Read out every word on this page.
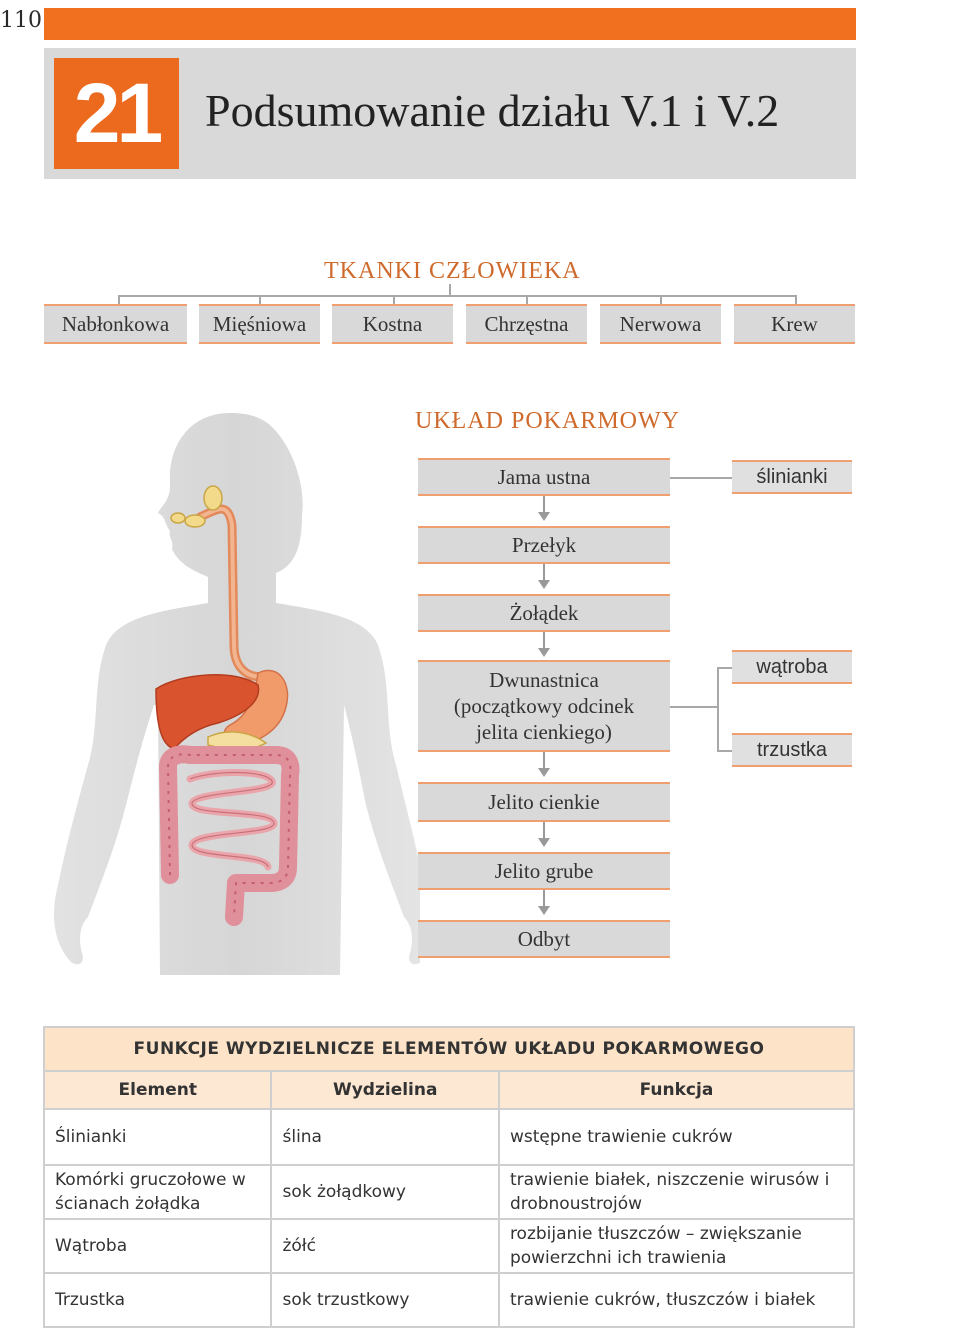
110
21 Podsumowanie działu V.1 i V.2
TKANKI CZŁOWIEKA
Nabłonkowa	Mięśniowa	Kostna	Chrzęstna	Nerwowa	Krew
UKŁAD POKARMOWY
Jama ustna
Przełyk
Żołądek
Dwunastnica (początkowy odcinek jelita cienkiego)
Jelito cienkie
Jelito grube
Odbyt
ślinianki
wątroba
trzustka
FUNKCJE WYDZIELNICZE ELEMENTÓW UKŁADU POKARMOWEGO		
Element	Wydzielina	Funkcja
Ślinianki	ślina	wstępne trawienie cukrów
Komórki gruczołowe w ścianach żołądka	sok żołądkowy	trawienie białek, niszczenie wirusów i drobnoustrojów
Wątroba	żółć	rozbijanie tłuszczów – zwiększanie powierzchni ich trawienia
Trzustka	sok trzustkowy	trawienie cukrów, tłuszczów i białek
